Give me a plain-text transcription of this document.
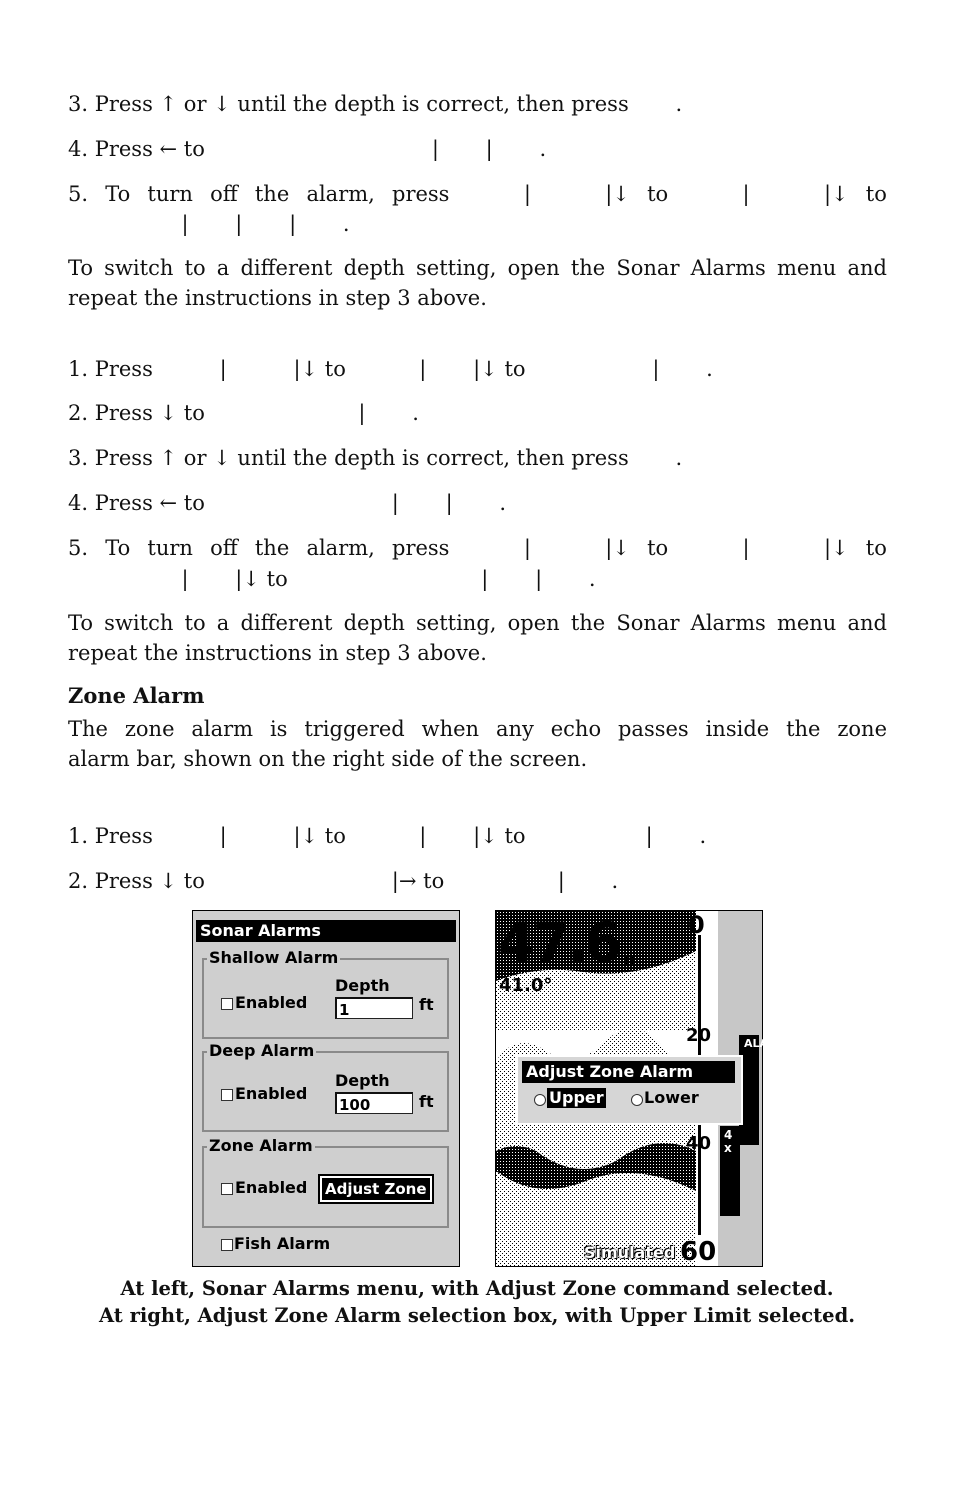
3. Press ↑ or ↓ until the depth is correct, then press       .
4. Press ← to                                  |       |       .
5. To turn off the alarm, press	|	|↓ to	|	|↓ to
|       |       |       .
To switch to a different depth setting, open the Sonar Alarms menu and
repeat the instructions in step 3 above.
1. Press          |          |↓ to           |       |↓ to                   |       .
2. Press ↓ to                       |       .
3. Press ↑ or ↓ until the depth is correct, then press       .
4. Press ← to                            |       |       .
5. To turn off the alarm, press	|	|↓ to	|	|↓ to
|       |↓ to                             |       |       .
To switch to a different depth setting, open the Sonar Alarms menu and
repeat the instructions in step 3 above.
Zone Alarm
The zone alarm is triggered when any echo passes inside the zone
alarm bar, shown on the right side of the screen.
1. Press          |          |↓ to           |       |↓ to                  |       .
2. Press ↓ to                            |→ to                 |       .
Sonar Alarms
Shallow Alarm
Enabled
Depth
1	ft
Deep Alarm
Enabled
Depth
100	ft
Zone Alarm
Enabled	Adjust Zone
Fish Alarm
47.6 ft
41.0°
0
20
40
Simulated 60
ALARM
4x
Adjust Zone Alarm
Upper	Lower
At left, Sonar Alarms menu, with Adjust Zone command selected.
At right, Adjust Zone Alarm selection box, with Upper Limit selected.
